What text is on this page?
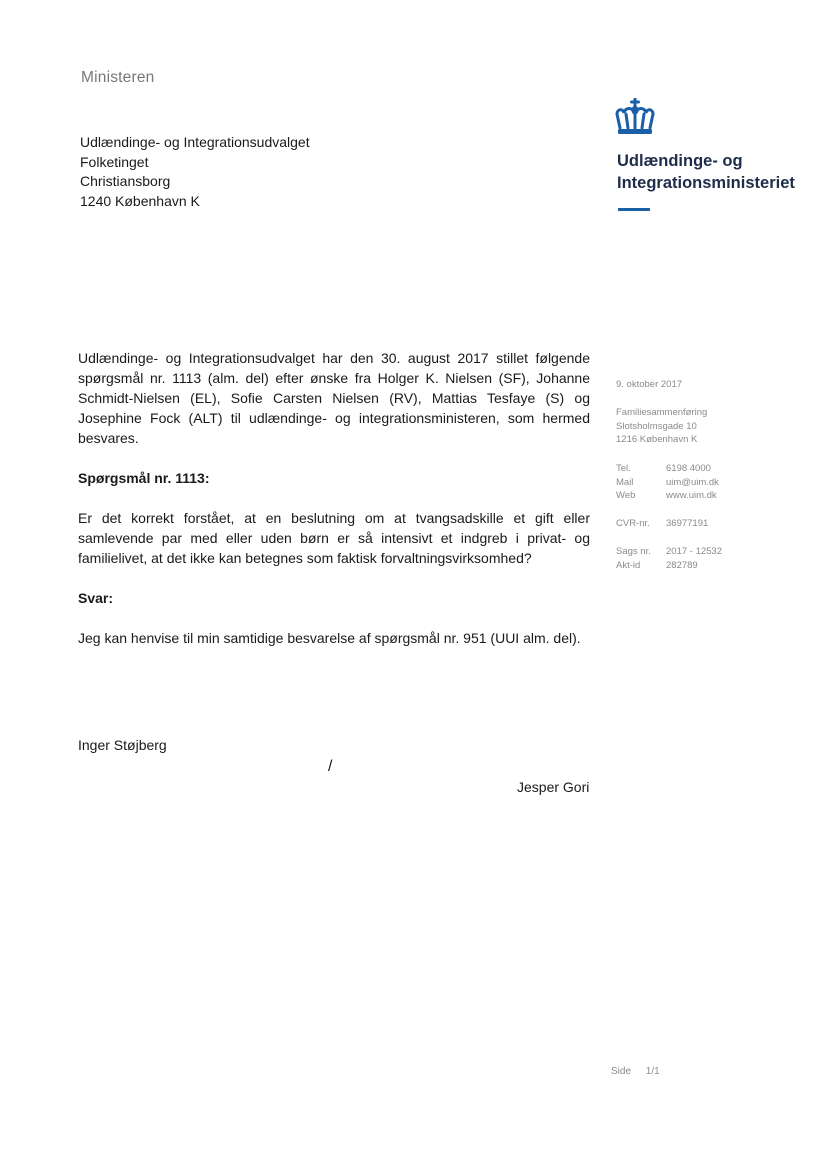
Ministeren
Udlændinge- og Integrationsudvalget
Folketinget
Christiansborg
1240 København K
Udlændinge- og
Integrationsministeriet
9. oktober 2017
Familiesammenføring
Slotsholmsgade 10
1216 København K
Tel.	6198 4000
Mail	uim@uim.dk
Web	www.uim.dk
CVR-nr. 36977191
Sags nr. 2017 - 12532
Akt-id	282789

Udlændinge- og Integrationsudvalget har den 30. august 2017 stillet følgende spørgsmål nr. 1113 (alm. del) efter ønske fra Holger K. Nielsen (SF), Johanne Schmidt-Nielsen (EL), Sofie Carsten Nielsen (RV), Mattias Tesfaye (S) og Josephine Fock (ALT) til udlændinge- og integrationsministeren, som hermed besvares.

Spørgsmål nr. 1113:
Er det korrekt forstået, at en beslutning om at tvangsadskille et gift eller samlevende par med eller uden børn er så intensivt et indgreb i privat- og familielivet, at det ikke kan betegnes som faktisk forvaltningsvirksomhed?
Svar:
Jeg kan henvise til min samtidige besvarelse af spørgsmål nr. 951 (UUI alm. del).
Inger Støjberg
/
Jesper Gori
Side 1/1
